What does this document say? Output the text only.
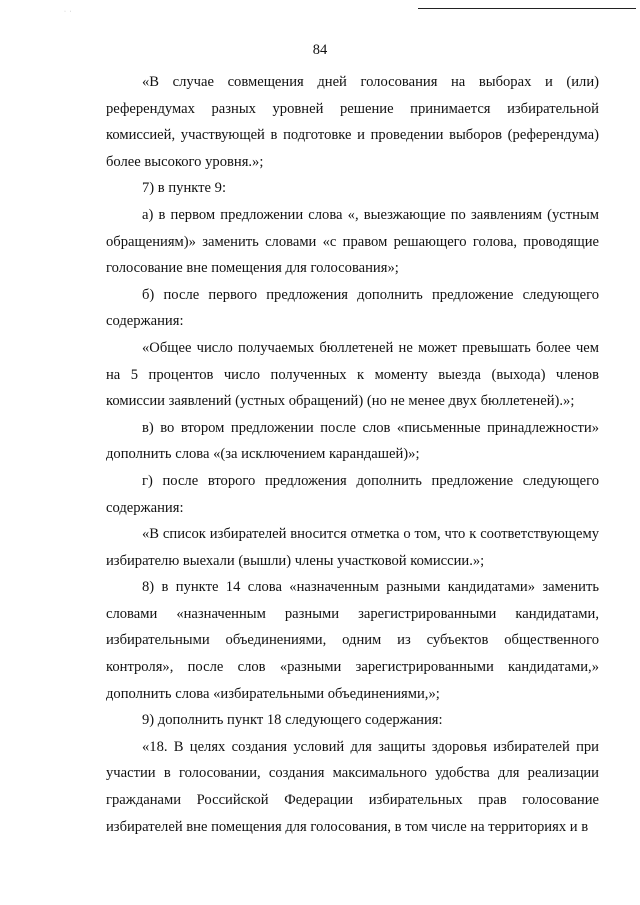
· ·
84

«В случае совмещения дней голосования на выборах и (или) референдумах разных уровней решение принимается избирательной комиссией, участвующей в подготовке и проведении выборов (референдума) более высокого уровня.»;

7) в пункте 9:

а) в первом предложении слова «, выезжающие по заявлениям (устным обращениям)» заменить словами «с правом решающего голова, проводящие голосование вне помещения для голосования»;

б) после первого предложения дополнить предложение следующего содержания:

«Общее число получаемых бюллетеней не может превышать более чем на 5 процентов число полученных к моменту выезда (выхода) членов комиссии заявлений (устных обращений) (но не менее двух бюллетеней).»;

в) во втором предложении после слов «письменные принадлежности» дополнить слова «(за исключением карандашей)»;

г) после второго предложения дополнить предложение следующего содержания:

«В список избирателей вносится отметка о том, что к соответствующему избирателю выехали (вышли) члены участковой комиссии.»;

8) в пункте 14 слова «назначенным разными кандидатами» заменить словами «назначенным разными зарегистрированными кандидатами, избирательными объединениями, одним из субъектов общественного контроля», после слов «разными зарегистрированными кандидатами,» дополнить слова «избирательными объединениями,»;

9) дополнить пункт 18 следующего содержания:

«18. В целях создания условий для защиты здоровья избирателей при участии в голосовании, создания максимального удобства для реализации гражданами Российской Федерации избирательных прав голосование избирателей вне помещения для голосования, в том числе на территориях и в
